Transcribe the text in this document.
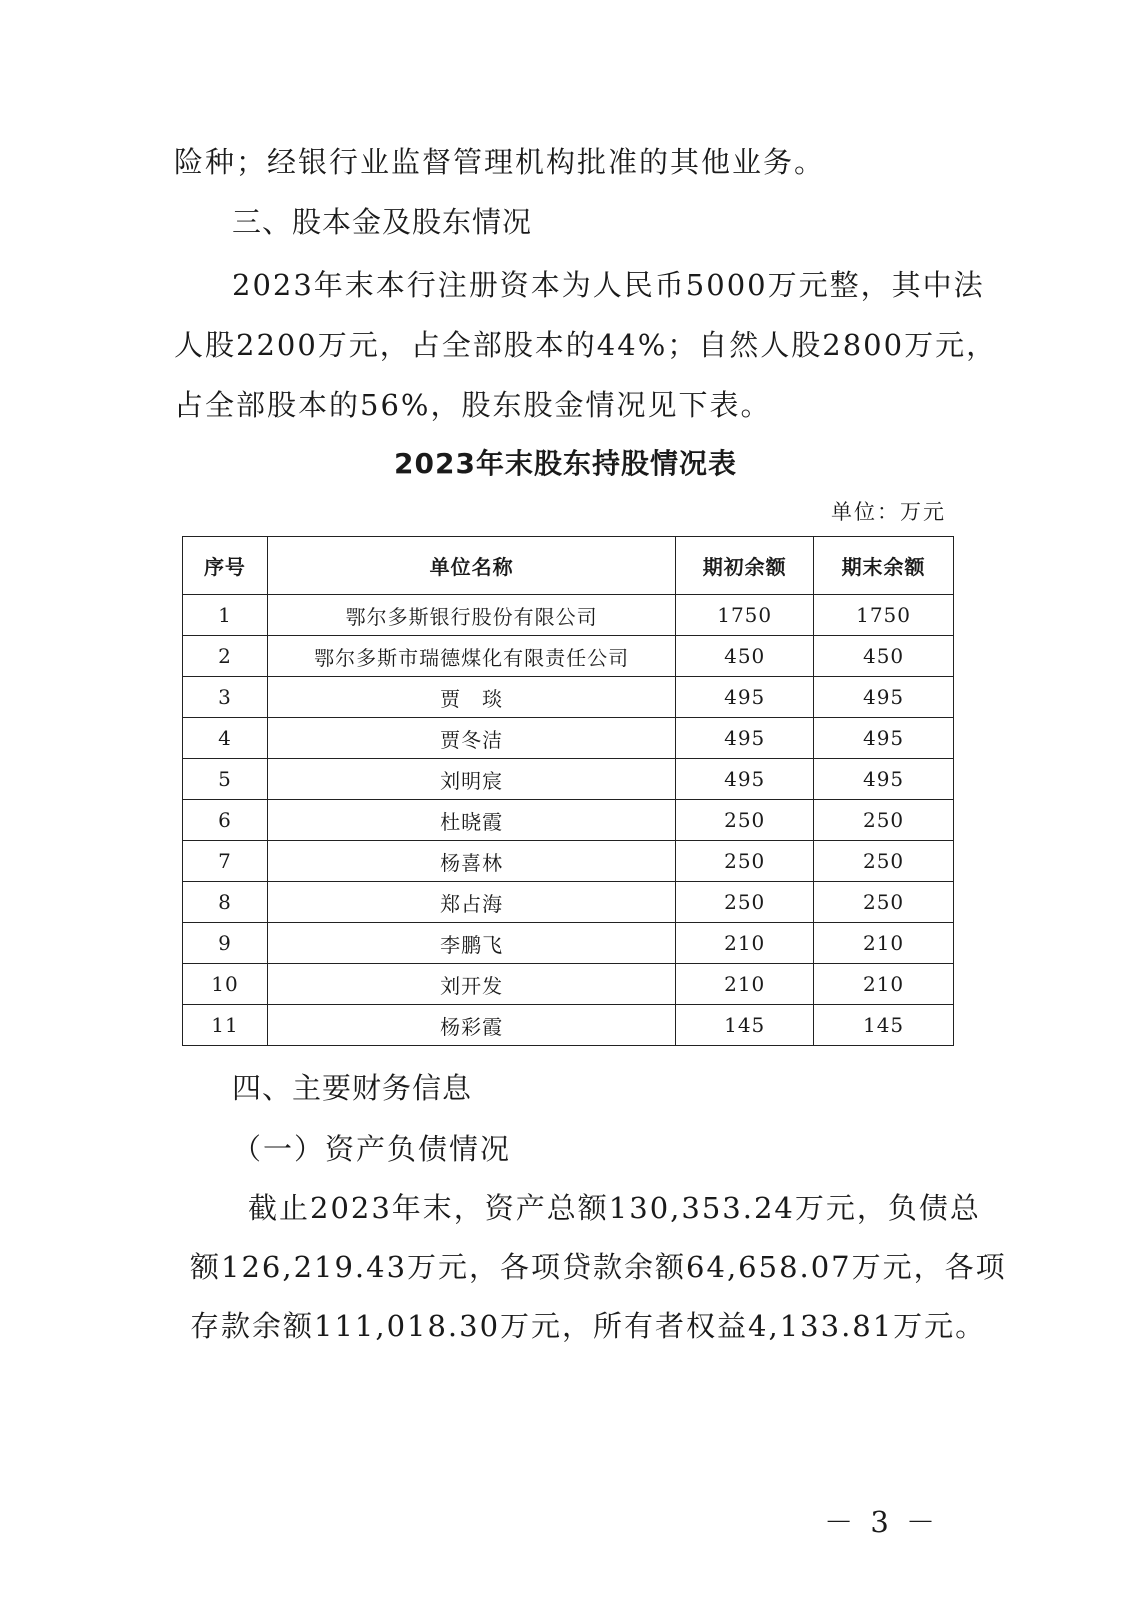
险种；经银行业监督管理机构批准的其他业务。
三、股本金及股东情况
2023年末本行注册资本为人民币5000万元整，其中法
人股2200万元，占全部股本的44%；自然人股2800万元，
占全部股本的56%，股东股金情况见下表。
2023年末股东持股情况表
单位：万元
序号	单位名称	期初余额	期末余额
1	鄂尔多斯银行股份有限公司	1750	1750
2	鄂尔多斯市瑞德煤化有限责任公司	450	450
3	贾　琰	495	495
4	贾冬洁	495	495
5	刘明宸	495	495
6	杜晓霞	250	250
7	杨喜林	250	250
8	郑占海	250	250
9	李鹏飞	210	210
10	刘开发	210	210
11	杨彩霞	145	145
四、主要财务信息
（一）资产负债情况
截止2023年末，资产总额130,353.24万元，负债总
额126,219.43万元，各项贷款余额64,658.07万元，各项
存款余额111,018.30万元，所有者权益4,133.81万元。
－ 3 －
